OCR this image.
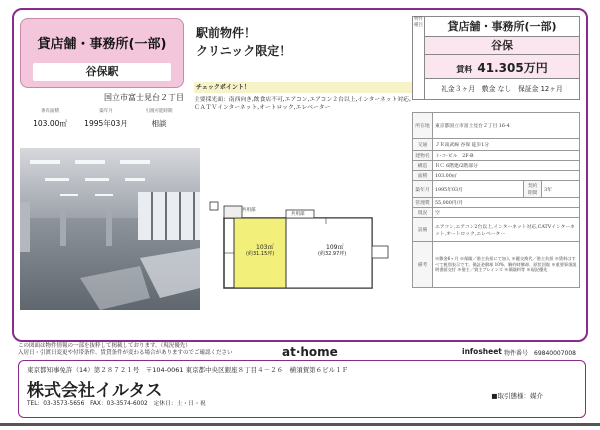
貸店舗・事務所(一部)
谷保駅
国立市富士見台２丁目
専有面積
103.00㎡
築年月
1995年03月
引渡可能時期
相談
駅前物件！
クリニック限定！
チェックポイント！
主要採光面：南西向き,飲食店不可,エアコン,エアコン２台以上,インターネット対応,ＣＡＴＶインターネット,オートロック,エレベーター
103㎡
(約31.15坪)
109㎡
(約32.97坪)
共用部
共用部
物件種目	貸店舗・事務所(一部)
谷保
賃料 41.305万円
礼金３ヶ月　敷金 なし　保証金 12ヶ月
所在地	東京都国立市富士見台２丁目 16-4		
交通	ＪＲ南武線 谷保 徒歩1分		
建物名	ト-コ-ビル　2F-B		
構造	ＲＣ 6階建/2階部分		
面積	103.00㎡		
築年月	1995年03月	契約期間	3年
管理費	55,000円/月		
現況	空		
設備	エアコン,エアコン2台以上,インターネット対応,CATVインターネット,オートロック,エレベーター		
備考	※敷金6ヶ月 ※保険／借主負担にて加入 ※鍵交換代／借主負担 ※賃料はすべて税別表示です。保証金償却 10%、解約時償却、原状回復 ※重要事項説明書面交付 ※借主／貸主ブレインズ ※保険料等 ※現況優先		
この図面は物件情報の一部を抜粋して掲載しております。（現況優先）
入居日・引渡日変更や付帯条件、賃貸条件が変わる場合がありますのでご確認ください	at·home	infosheet 物件番号　69840007008
東京都知事免許（14）第２８７２１号　〒104-0061 東京都中央区銀座８丁目４－２６　横須賀第６ビル１Ｆ
株式会社イルタス
TEL：03-3573-5656　FAX：03-3574-6002　定休日：土・日・祝
■取引態様：媒介
